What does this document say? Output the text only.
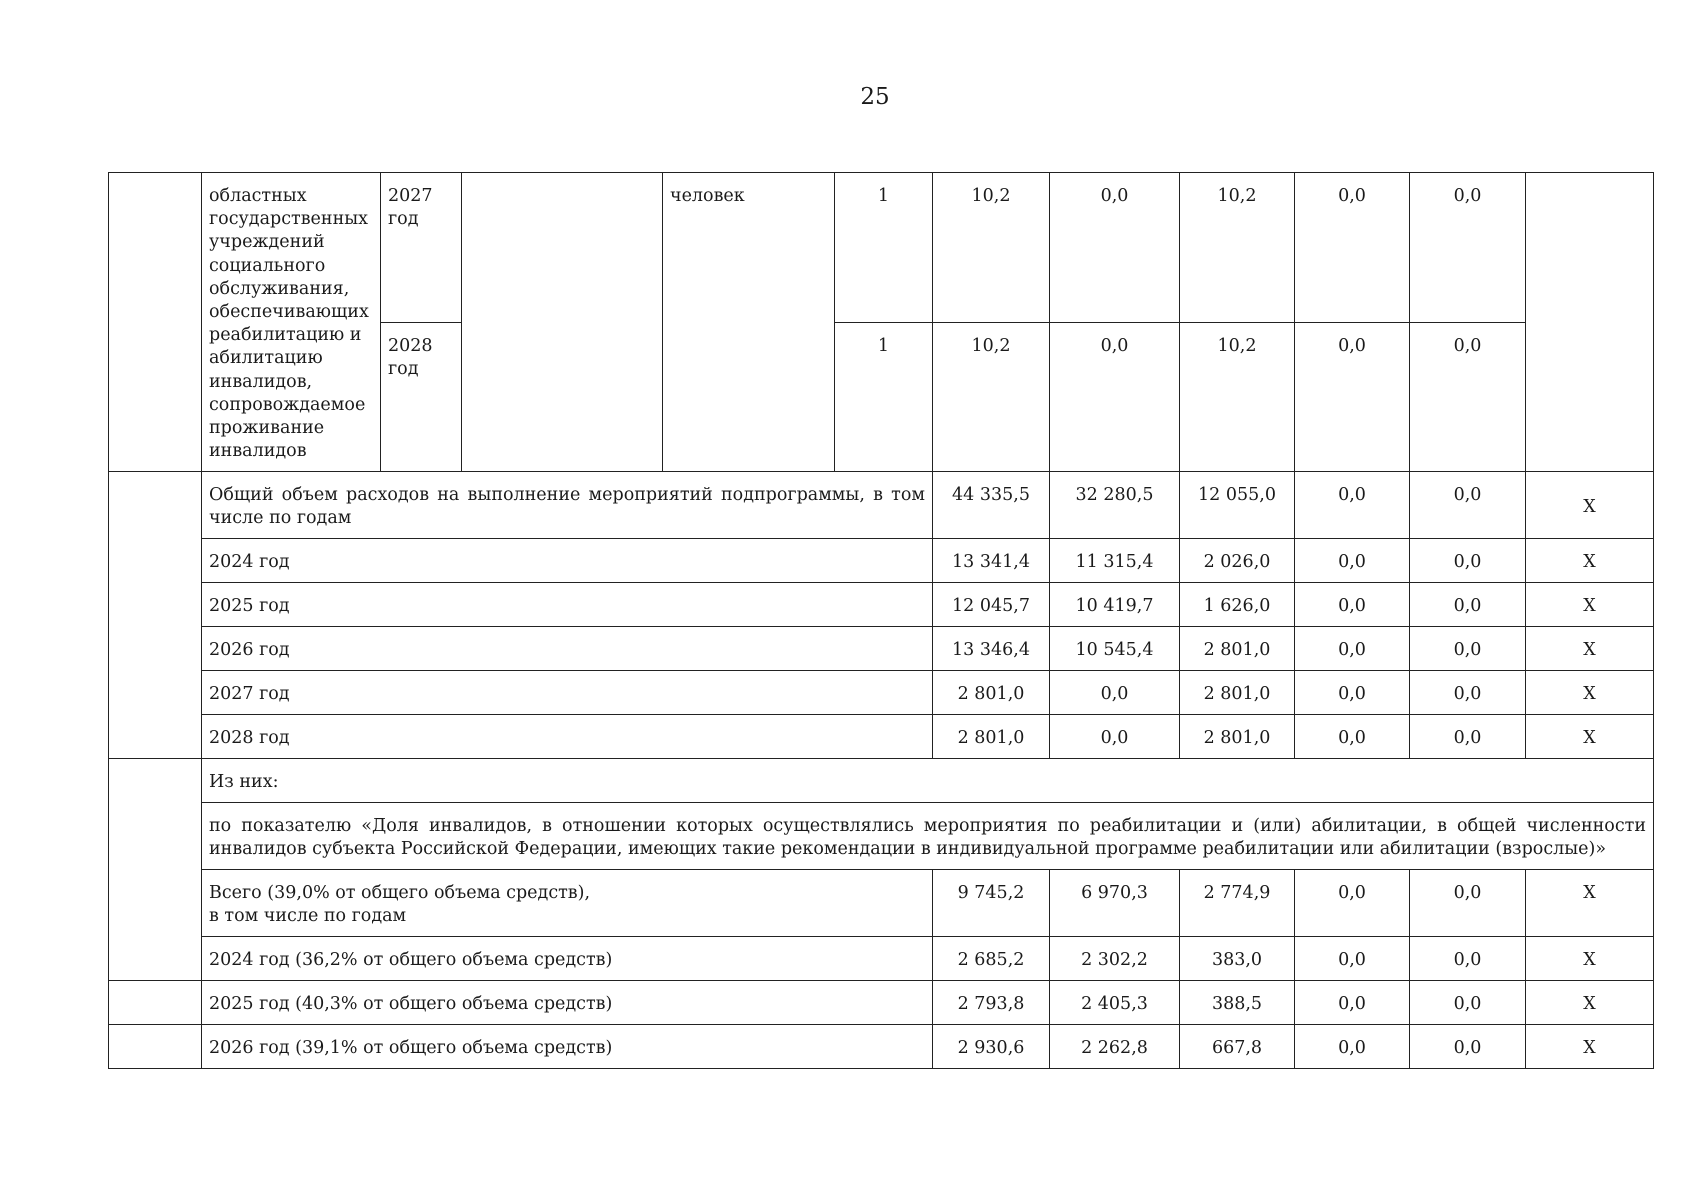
25
	областных государственных учреждений социального обслуживания, обеспечивающих реабилитацию и абилитацию инвалидов, сопровождаемое проживание инвалидов	2027 год		человек	1	10,2	0,0	10,2	0,0	0,0	
		2028 год			1	10,2	0,0	10,2	0,0	0,0	
	Общий объем расходов на выполнение мероприятий подпрограммы, в том числе по годам					44 335,5	32 280,5	12 055,0	0,0	0,0	X
	2024 год					13 341,4	11 315,4	2 026,0	0,0	0,0	X
	2025 год					12 045,7	10 419,7	1 626,0	0,0	0,0	X
	2026 год					13 346,4	10 545,4	2 801,0	0,0	0,0	X
	2027 год					2 801,0	0,0	2 801,0	0,0	0,0	X
	2028 год					2 801,0	0,0	2 801,0	0,0	0,0	X
	Из них:										
	по показателю «Доля инвалидов, в отношении которых осуществлялись мероприятия по реабилитации и (или) абилитации, в общей численности инвалидов субъекта Российской Федерации, имеющих такие рекомендации в индивидуальной программе реабилитации или абилитации (взрослые)»										

	Всего (39,0% от общего объема средств),
в том числе по годам					9 745,2	6 970,3	2 774,9	0,0	0,0	X
	2024 год (36,2% от общего объема средств)					2 685,2	2 302,2	383,0	0,0	0,0	X
	2025 год (40,3% от общего объема средств)					2 793,8	2 405,3	388,5	0,0	0,0	X
	2026 год (39,1% от общего объема средств)					2 930,6	2 262,8	667,8	0,0	0,0	X
